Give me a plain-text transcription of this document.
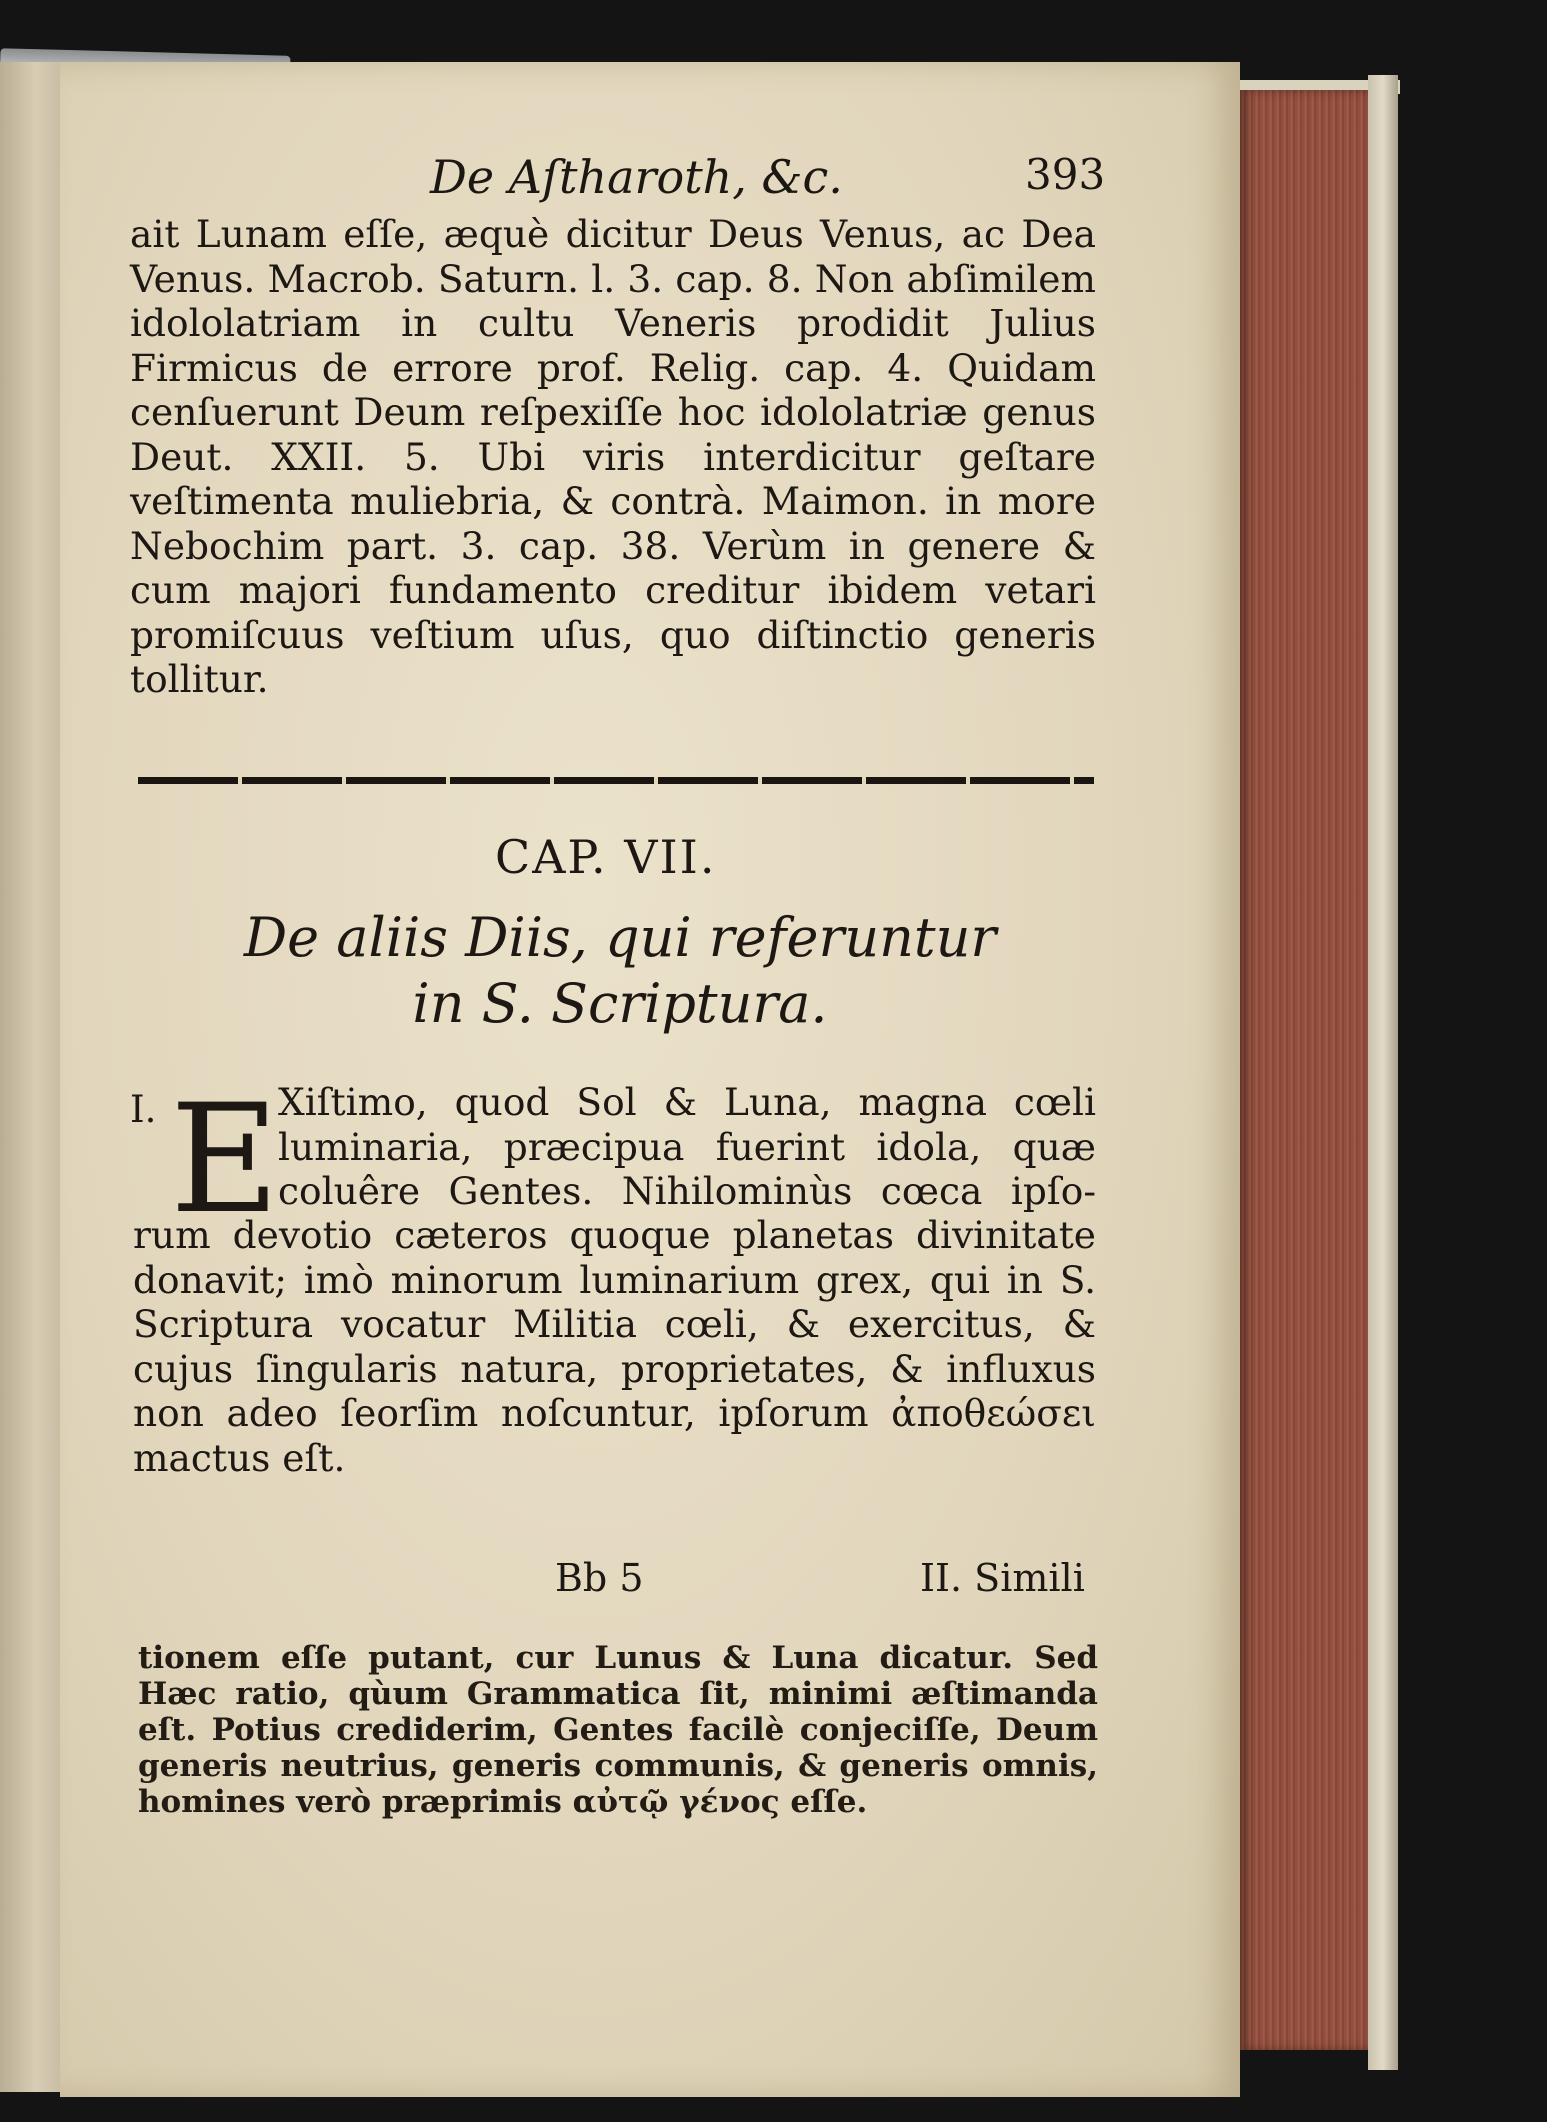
De Aſtharoth, &c.	393
ait Lunam eſſe, æquè dicitur Deus Venus, ac Dea Venus. Macrob. Saturn. l. 3. cap. 8. Non abſimilem idololatriam in cultu Veneris prodidit Julius Firmicus de errore prof. Relig. cap. 4. Quidam cenſuerunt Deum reſpexiſſe hoc idololatriæ genus Deut. XXII. 5. Ubi viris interdicitur geſtare veſtimenta muliebria, & contrà. Maimon. in more Nebochim part. 3. cap. 38. Verùm in genere & cum majori fundamento creditur ibidem vetari promiſcuus veſtium uſus, quo diſtinctio generis tollitur.
CAP. VII.
De aliis Diis, qui referuntur
in S. Scriptura.
I. E
Xiſtimo, quod Sol & Luna, magna cœli luminaria, præcipua fuerint idola, quæ coluêre Gentes. Nihilominùs cœca ipſo-
rum devotio cæteros quoque planetas divinitate donavit; imò minorum luminarium grex, qui in S. Scriptura vocatur Militia cœli, & exercitus, & cujus ſingularis natura, proprietates, & influxus non adeo ſeorſim noſcuntur, ipſorum ἀποθεώσει mactus eſt.
Bb 5	II. Simili
tionem eſſe putant, cur Lunus & Luna dicatur. Sed Hæc ratio, qùum Grammatica ſit, minimi æſtimanda eſt. Potius crediderim, Gentes facilè conjeciſſe, Deum generis neutrius, generis communis, & generis omnis, homines verò præprimis αὐτῷ γένος eſſe.
